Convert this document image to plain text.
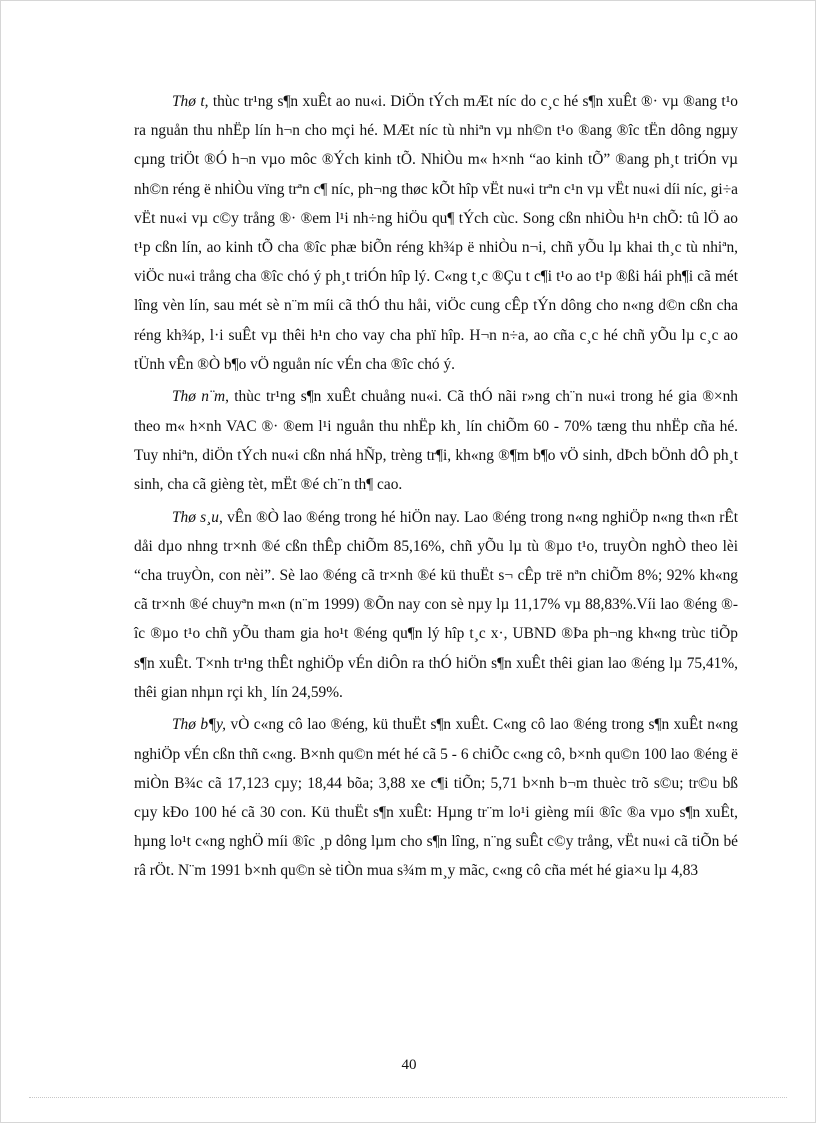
Thø t, thùc tr¹ng s¶n xuÊt ao nu«i. DiÖn tÝch mÆt níc do c¸c hé s¶n xuÊt ®· vµ ®ang t¹o ra nguån thu nhËp lín h¬n cho mçi hé. MÆt níc tù nhiªn vµ nh©n t¹o ®ang ®îc tËn dông ngµy cµng triÖt ®Ó h¬n vµo môc ®Ých kinh tÕ. NhiÒu m« h×nh “ao kinh tÕ” ®ang ph¸t triÓn vµ nh©n réng ë nhiÒu vïng trªn c¶ níc, ph¬ng thøc kÕt hîp vËt nu«i trªn c¹n vµ vËt nu«i díi níc, gi÷a vËt nu«i vµ c©y trång ®· ®em l¹i nh÷ng hiÖu qu¶ tÝch cùc. Song cßn nhiÒu h¹n chÕ: tû lÖ ao t¹p cßn lín, ao kinh tÕ cha ®îc phæ biÕn réng kh¾p ë nhiÒu n¬i, chñ yÕu lµ khai th¸c tù nhiªn, viÖc nu«i trång cha ®îc chó ý ph¸t triÓn hîp lý. C«ng t¸c ®Çu t c¶i t¹o ao t¹p ®ßi hái ph¶i cã mét lîng vèn lín, sau mét sè n¨m míi cã thÓ thu håi, viÖc cung cÊp tÝn dông cho n«ng d©n cßn cha réng kh¾p, l·i suÊt vµ thêi h¹n cho vay cha phï hîp. H¬n n÷a, ao cña c¸c hé chñ yÕu lµ c¸c ao tÜnh vÊn ®Ò b¶o vÖ nguån níc vÉn cha ®îc chó ý.

Thø n¨m, thùc tr¹ng s¶n xuÊt chuång nu«i. Cã thÓ nãi r»ng ch¨n nu«i trong hé gia ®×nh theo m« h×nh VAC ®· ®em l¹i nguån thu nhËp kh¸ lín chiÕm 60 - 70% tæng thu nhËp cña hé. Tuy nhiªn, diÖn tÝch nu«i cßn nhá hÑp, trèng tr¶i, kh«ng ®¶m b¶o vÖ sinh, dÞch bÖnh dÔ ph¸t sinh, cha cã gièng tèt, mËt ®é ch¨n th¶ cao.

Thø s¸u, vÊn ®Ò lao ®éng trong hé hiÖn nay. Lao ®éng trong n«ng nghiÖp n«ng th«n rÊt dåi dµo nhng tr×nh ®é cßn thÊp chiÕm 85,16%, chñ yÕu lµ tù ®µo t¹o, truyÒn nghÒ theo lèi “cha truyÒn, con nèi”. Sè lao ®éng cã tr×nh ®é kü thuËt s¬ cÊp trë nªn chiÕm 8%; 92% kh«ng cã tr×nh ®é chuyªn m«n (n¨m 1999) ®Õn nay con sè nµy lµ 11,17% vµ 88,83%.Víi lao ®éng ®îc ®µo t¹o chñ yÕu tham gia ho¹t ®éng qu¶n lý hîp t¸c x·, UBND ®Þa ph¬ng kh«ng trùc tiÕp s¶n xuÊt. T×nh tr¹ng thÊt nghiÖp vÉn diÔn ra thÓ hiÖn s¶n xuÊt thêi gian lao ®éng lµ 75,41%, thêi gian nhµn rçi kh¸ lín 24,59%.

Thø b¶y, vÒ c«ng cô lao ®éng, kü thuËt s¶n xuÊt. C«ng cô lao ®éng trong s¶n xuÊt n«ng nghiÖp vÉn cßn thñ c«ng. B×nh qu©n mét hé cã 5 - 6 chiÕc c«ng cô, b×nh qu©n 100 lao ®éng ë miÒn B¾c cã 17,123 cµy; 18,44 bõa; 3,88 xe c¶i tiÕn; 5,71 b×nh b¬m thuèc trõ s©u; tr©u bß cµy kÐo 100 hé cã 30 con. Kü thuËt s¶n xuÊt: Hµng tr¨m lo¹i gièng míi ®îc ®a vµo s¶n xuÊt, hµng lo¹t c«ng nghÖ míi ®îc ¸p dông lµm cho s¶n lîng, n¨ng suÊt c©y trång, vËt nu«i cã tiÕn bé râ rÖt. N¨m 1991 b×nh qu©n sè tiÒn mua s¾m m¸y mãc, c«ng cô cña mét hé gia×u lµ 4,83

40
